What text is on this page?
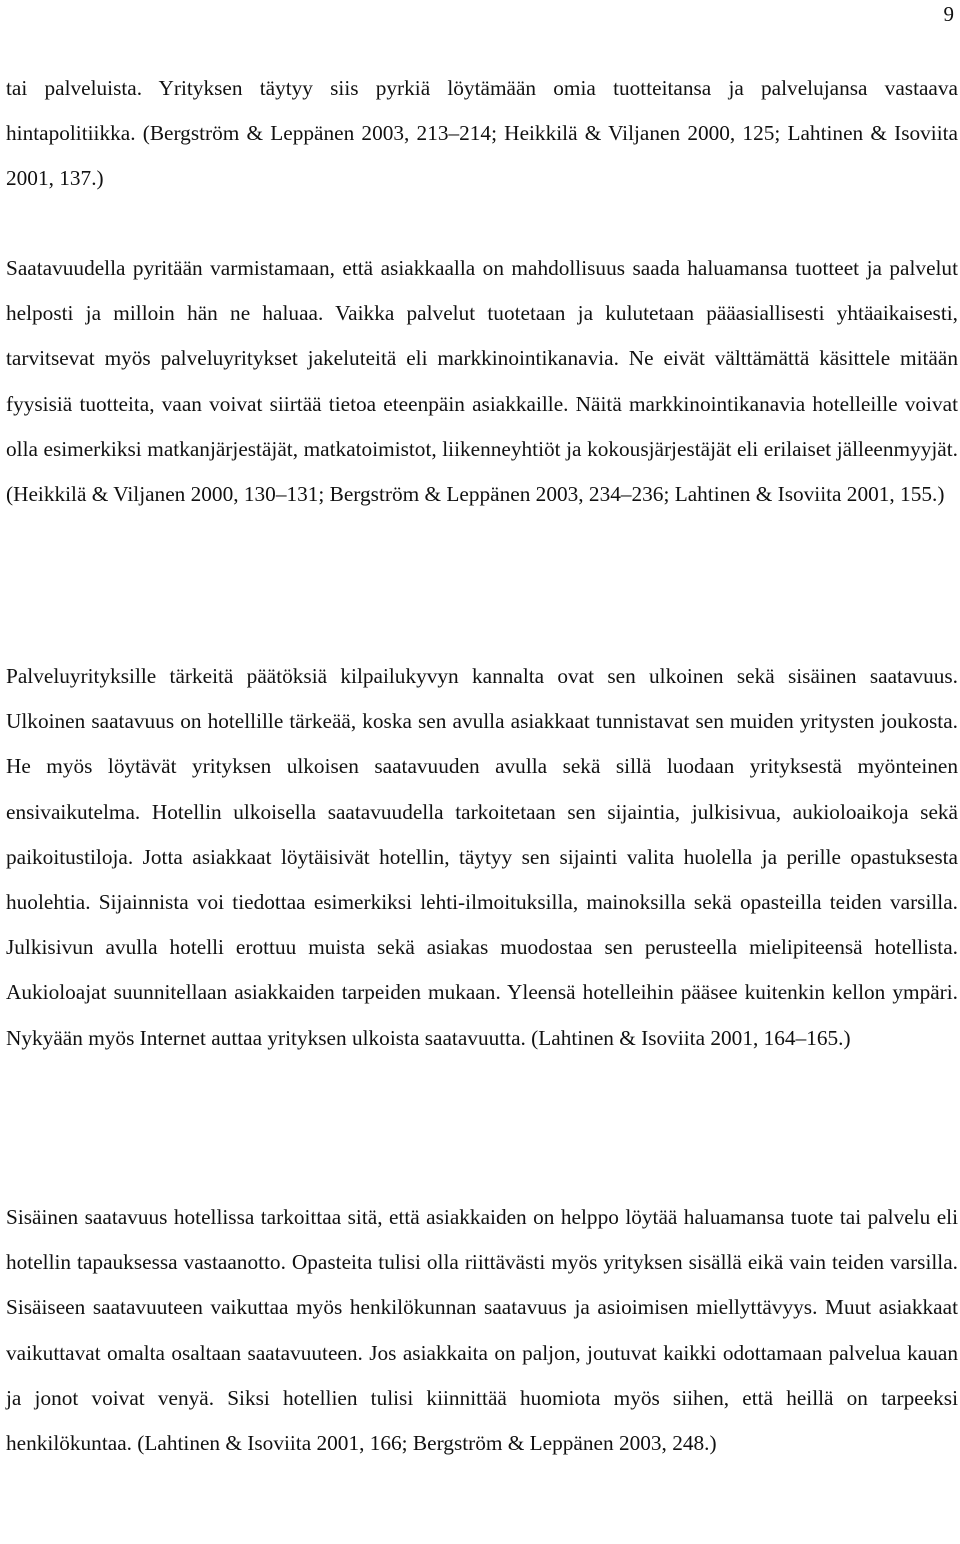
9

tai palveluista. Yrityksen täytyy siis pyrkiä löytämään omia tuotteitansa ja palvelujansa vastaava hintapolitiikka. (Bergström & Leppänen 2003, 213–214; Heikkilä & Viljanen 2000, 125; Lahtinen & Isoviita 2001, 137.)

Saatavuudella pyritään varmistamaan, että asiakkaalla on mahdollisuus saada haluamansa tuotteet ja palvelut helposti ja milloin hän ne haluaa. Vaikka palvelut tuotetaan ja kulutetaan pääasiallisesti yhtäaikaisesti, tarvitsevat myös palveluyritykset jakeluteitä eli markkinointikanavia. Ne eivät välttämättä käsittele mitään fyysisiä tuotteita, vaan voivat siirtää tietoa eteenpäin asiakkaille. Näitä markkinointikanavia hotelleille voivat olla esimerkiksi matkanjärjestäjät, matkatoimistot, liikenneyhtiöt ja kokousjärjestäjät eli erilaiset jälleenmyyjät. (Heikkilä & Viljanen 2000, 130–131; Bergström & Leppänen 2003, 234–236; Lahtinen & Isoviita 2001, 155.)

Palveluyrityksille tärkeitä päätöksiä kilpailukyvyn kannalta ovat sen ulkoinen sekä sisäinen saatavuus. Ulkoinen saatavuus on hotellille tärkeää, koska sen avulla asiakkaat tunnistavat sen muiden yritysten joukosta. He myös löytävät yrityksen ulkoisen saatavuuden avulla sekä sillä luodaan yrityksestä myönteinen ensivaikutelma. Hotellin ulkoisella saatavuudella tarkoitetaan sen sijaintia, julkisivua, aukioloaikoja sekä paikoitustiloja. Jotta asiakkaat löytäisivät hotellin, täytyy sen sijainti valita huolella ja perille opastuksesta huolehtia. Sijainnista voi tiedottaa esimerkiksi lehti-ilmoituksilla, mainoksilla sekä opasteilla teiden varsilla. Julkisivun avulla hotelli erottuu muista sekä asiakas muodostaa sen perusteella mielipiteensä hotellista. Aukioloajat suunnitellaan asiakkaiden tarpeiden mukaan. Yleensä hotelleihin pääsee kuitenkin kellon ympäri. Nykyään myös Internet auttaa yrityksen ulkoista saatavuutta. (Lahtinen & Isoviita 2001, 164–165.)

Sisäinen saatavuus hotellissa tarkoittaa sitä, että asiakkaiden on helppo löytää haluamansa tuote tai palvelu eli hotellin tapauksessa vastaanotto. Opasteita tulisi olla riittävästi myös yrityksen sisällä eikä vain teiden varsilla. Sisäiseen saatavuuteen vaikuttaa myös henkilökunnan saatavuus ja asioimisen miellyttävyys. Muut asiakkaat vaikuttavat omalta osaltaan saatavuuteen. Jos asiakkaita on paljon, joutuvat kaikki odottamaan palvelua kauan ja jonot voivat venyä. Siksi hotellien tulisi kiinnittää huomiota myös siihen, että heillä on tarpeeksi henkilökuntaa. (Lahtinen & Isoviita 2001, 166; Bergström & Leppänen 2003, 248.)
